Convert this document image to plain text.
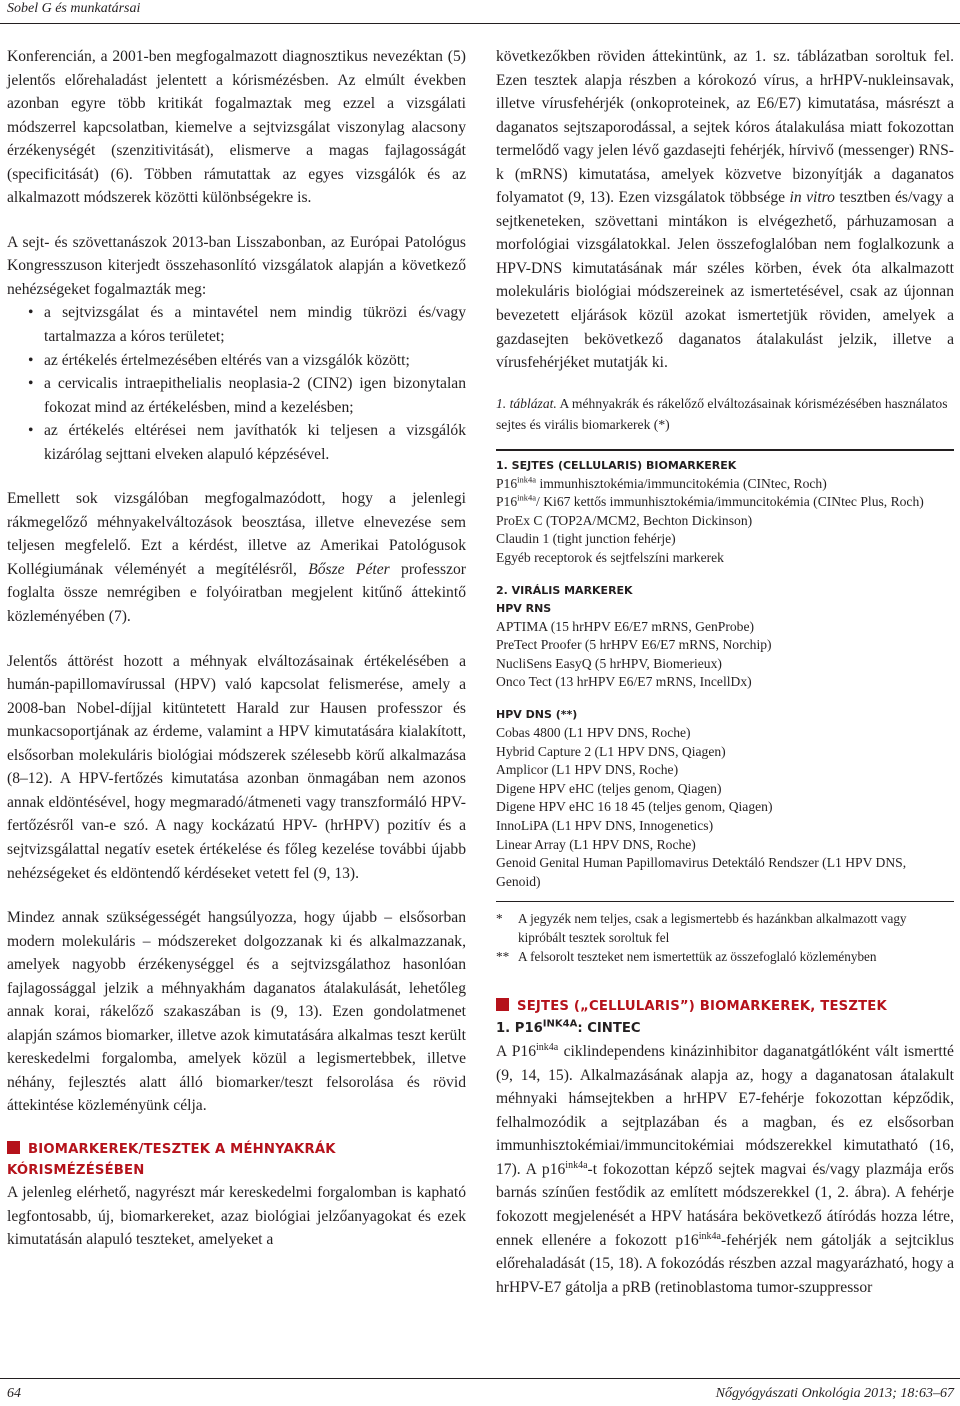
Sobel G és munkatársai

Konferencián, a 2001-ben megfogalmazott diagnosztikus nevezéktan (5) jelentős előrehaladást jelentett a kórismézésben. Az elmúlt években azonban egyre több kritikát fogalmaztak meg ezzel a vizsgálati módszerrel kapcsolatban, kiemelve a sejtvizsgálat viszonylag alacsony érzékenységét (szenzitivitását), elismerve a magas fajlagosságát (specificitását) (6). Többen rámutattak az egyes vizsgálók és az alkalmazott módszerek közötti különbségekre is.

A sejt- és szövettanászok 2013-ban Lisszabonban, az Európai Patológus Kongresszuson kiterjedt összehasonlító vizsgálatok alapján a következő nehézségeket fogalmazták meg:

• a sejtvizsgálat és a mintavétel nem mindig tükrözi és/vagy tartalmazza a kóros területet;
• az értékelés értelmezésében eltérés van a vizsgálók között;
• a cervicalis intraepithelialis neoplasia-2 (CIN2) igen bizonytalan fokozat mind az értékelésben, mind a kezelésben;
• az értékelés eltérései nem javíthatók ki teljesen a vizsgálók kizárólag sejttani elveken alapuló képzésével.

Emellett sok vizsgálóban megfogalmazódott, hogy a jelenlegi rákmegelőző méhnyakelváltozások beosztása, illetve elnevezése sem teljesen megfelelő. Ezt a kérdést, illetve az Amerikai Patológusok Kollégiumának véleményét a megítélésről, Bősze Péter professzor foglalta össze nemrégiben e folyóiratban megjelent kitűnő áttekintő közleményében (7).

Jelentős áttörést hozott a méhnyak elváltozásainak értékelésében a humán-papillomavírussal (HPV) való kapcsolat felismerése, amely a 2008-ban Nobel-díjjal kitüntetett Harald zur Hausen professzor és munkacsoportjának az érdeme, valamint a HPV kimutatására kialakított, elsősorban molekuláris biológiai módszerek szélesebb körű alkalmazása (8–12). A HPV-fertőzés kimutatása azonban önmagában nem azonos annak eldöntésével, hogy megmaradó/átmeneti vagy transzformáló HPV-fertőzésről van-e szó. A nagy kockázatú HPV- (hrHPV) pozitív és a sejtvizsgálattal negatív esetek értékelése és főleg kezelése további újabb nehézségeket és eldöntendő kérdéseket vetett fel (9, 13).

Mindez annak szükségességét hangsúlyozza, hogy újabb – elsősorban modern molekuláris – módszereket dolgozzanak ki és alkalmazzanak, amelyek nagyobb érzékenységgel és a sejtvizsgálathoz hasonlóan fajlagossággal jelzik a méhnyakhám daganatos átalakulását, lehetőleg annak korai, rákelőző szakaszában is (9, 13). Ezen gondolatmenet alapján számos biomarker, illetve azok kimutatására alkalmas teszt került kereskedelmi forgalomba, amelyek közül a legismertebbek, illetve néhány, fejlesztés alatt álló biomarker/teszt felsorolása és rövid áttekintése közleményünk célja.

BIOMARKEREK/TESZTEK A MÉHNYAKRÁK KÓRISMÉZÉSÉBEN

A jelenleg elérhető, nagyrészt már kereskedelmi forgalomban is kapható legfontosabb, új, biomarkereket, azaz biológiai jelzőanyagokat és ezek kimutatásán alapuló teszteket, amelyeket a

következőkben röviden áttekintünk, az 1. sz. táblázatban soroltuk fel. Ezen tesztek alapja részben a kórokozó vírus, a hrHPV-nukleinsavak, illetve vírusfehérjék (onkoproteinek, az E6/E7) kimutatása, másrészt a daganatos sejtszaporodással, a sejtek kóros átalakulása miatt fokozottan termelődő vagy jelen lévő gazdasejti fehérjék, hírvivő (messenger) RNS-k (mRNS) kimutatása, amelyek közvetve bizonyítják a daganatos folyamatot (9, 13). Ezen vizsgálatok többsége in vitro tesztben és/vagy a sejtkeneteken, szövettani mintákon is elvégezhető, párhuzamosan a morfológiai vizsgálatokkal. Jelen összefoglalóban nem foglalkozunk a HPV-DNS kimutatásának már széles körben, évek óta alkalmazott molekuláris biológiai módszereinek az ismertetésével, csak az újonnan bevezetett eljárások közül azokat ismertetjük röviden, amelyek a gazdasejten bekövetkező daganatos átalakulást jelzik, illetve a vírusfehérjéket mutatják ki.

1. táblázat. A méhnyakrák és rákelőző elváltozásainak kórismézésében használatos sejtes és virális biomarkerek (*)

1. SEJTES (CELLULARIS) BIOMARKEREK
$P16^{ink4a}$ immunhisztokémia/immuncitokémia (CINtec, Roch)
$P16^{ink4a}/$ Ki67 kettős immunhisztokémia/immuncitokémia (CINtec Plus, Roch)
ProEx C (TOP2A/MCM2, Bechton Dickinson)
Claudin 1 (tight junction fehérje)
Egyéb receptorok és sejtfelszíni markerek
2. VIRÁLIS MARKEREK
HPV RNS
APTIMA (15 hrHPV E6/E7 mRNS, GenProbe)
PreTect Proofer (5 hrHPV E6/E7 mRNS, Norchip)
NucliSens EasyQ (5 hrHPV, Biomerieux)
Onco Tect (13 hrHPV E6/E7 mRNS, IncellDx)
HPV DNS (**)
Cobas 4800 (L1 HPV DNS, Roche)
Hybrid Capture 2 (L1 HPV DNS, Qiagen)
Amplicor (L1 HPV DNS, Roche)
Digene HPV eHC (teljes genom, Qiagen)
Digene HPV eHC 16 18 45 (teljes genom, Qiagen)
InnoLiPA (L1 HPV DNS, Innogenetics)
Linear Array (L1 HPV DNS, Roche)
Genoid Genital Human Papillomavirus Detektáló Rendszer (L1 HPV DNS, Genoid)
*	A jegyzék nem teljes, csak a legismertebb és hazánkban alkalmazott vagy kipróbált tesztek soroltuk fel
** A felsorolt teszteket nem ismertettük az összefoglaló közleményben
SEJTES („CELLULARIS”) BIOMARKEREK, TESZTEK
1. $P16^{INK4A}$: CINTEC

A $P16^{ink4a}$ ciklindependens kinázinhibitor daganatgátlóként vált ismertté (9, 14, 15). Alkalmazásának alapja az, hogy a daganatosan átalakult méhnyaki hámsejtekben a hrHPV E7-fehérje fokozottan képződik, felhalmozódik a sejtplazában és a magban, és ez elsősorban immunhisztokémiai/immuncitokémiai módszerekkel kimutatható (16, 17). A $p16^{ink4a}-t$ fokozottan képző sejtek magvai és/vagy plazmája erős barnás színűen festődik az említett módszerekkel (1, 2. ábra). A fehérje fokozott megjelenését a HPV hatására bekövetkező átíródás hozza létre, ennek ellenére a fokozott $p16^{ink4a}$-fehérjék nem gátolják a sejtciklus előrehaladását (15, 18). A fokozódás részben azzal magyarázható, hogy a hrHPV-E7 gátolja a pRB (retinoblastoma tumor-szuppressor

64	Nőgyógyászati Onkológia 2013; 18:63–67
